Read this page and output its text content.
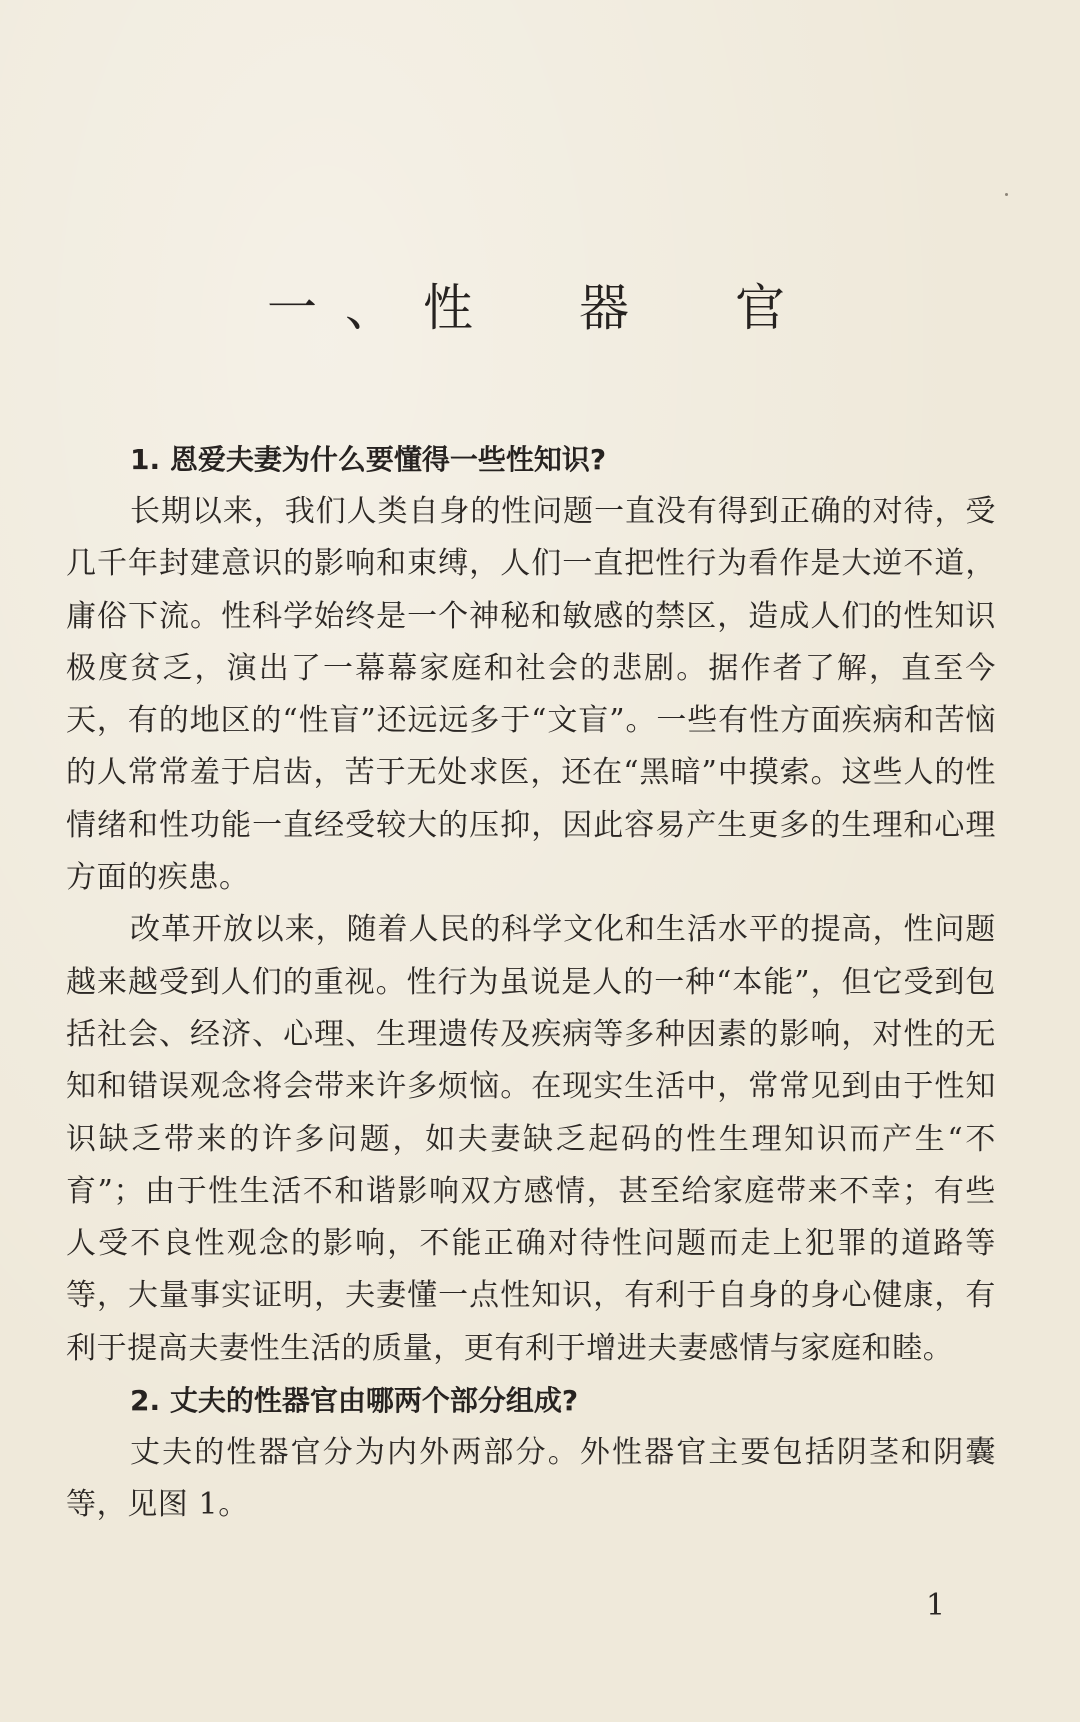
一、性　器　官

1. 恩爱夫妻为什么要懂得一些性知识?

长期以来，我们人类自身的性问题一直没有得到正确的对待，受几千年封建意识的影响和束缚，人们一直把性行为看作是大逆不道，庸俗下流。性科学始终是一个神秘和敏感的禁区，造成人们的性知识极度贫乏，演出了一幕幕家庭和社会的悲剧。据作者了解，直至今天，有的地区的“性盲”还远远多于“文盲”。一些有性方面疾病和苦恼的人常常羞于启齿，苦于无处求医，还在“黑暗”中摸索。这些人的性情绪和性功能一直经受较大的压抑，因此容易产生更多的生理和心理方面的疾患。

改革开放以来，随着人民的科学文化和生活水平的提高，性问题越来越受到人们的重视。性行为虽说是人的一种“本能”，但它受到包括社会、经济、心理、生理遗传及疾病等多种因素的影响，对性的无知和错误观念将会带来许多烦恼。在现实生活中，常常见到由于性知识缺乏带来的许多问题，如夫妻缺乏起码的性生理知识而产生“不育”；由于性生活不和谐影响双方感情，甚至给家庭带来不幸；有些人受不良性观念的影响，不能正确对待性问题而走上犯罪的道路等等，大量事实证明，夫妻懂一点性知识，有利于自身的身心健康，有利于提高夫妻性生活的质量，更有利于增进夫妻感情与家庭和睦。

2. 丈夫的性器官由哪两个部分组成?

丈夫的性器官分为内外两部分。外性器官主要包括阴茎和阴囊等，见图 1。

1
